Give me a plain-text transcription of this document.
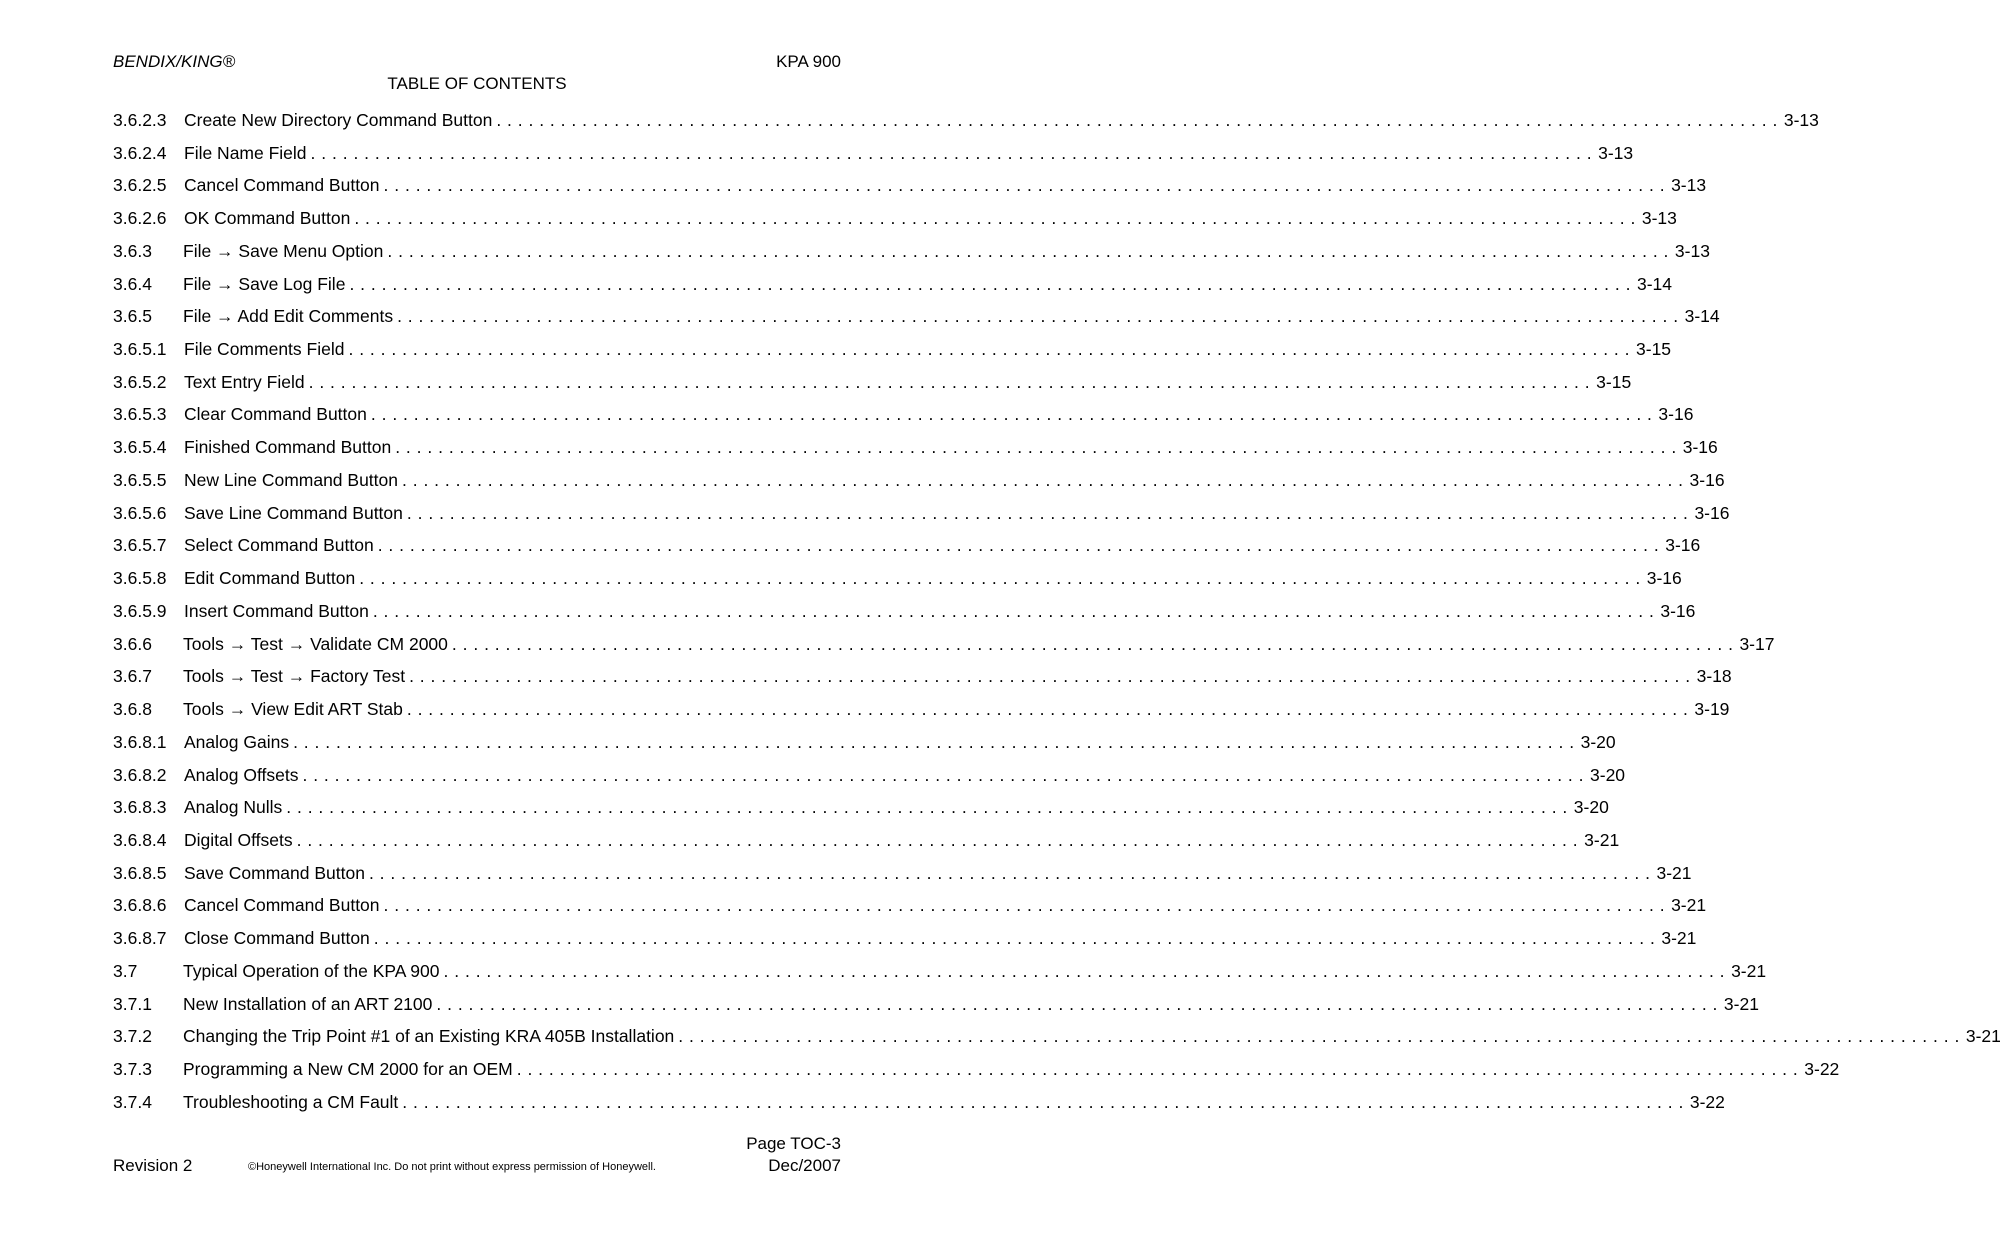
BENDIX/KING®	KPA 900
TABLE OF CONTENTS
3.6.2.3 Create New Directory Command Button . . . . . . . . . . . . . . . . . . . . . . . . . . . . . . . . . . . . . . . . . . . . . . . . . . . . . . . . . . . . . . . . . . . . . . . . . . . . . . . . . . . . . . . . . . . . . . . . . . . . . . . . . . . . . . . . . . . . . . . . 3-13
3.6.2.4 File Name Field . . . . . . . . . . . . . . . . . . . . . . . . . . . . . . . . . . . . . . . . . . . . . . . . . . . . . . . . . . . . . . . . . . . . . . . . . . . . . . . . . . . . . . . . . . . . . . . . . . . . . . . . . . . . . . . . . . . . . . . . 3-13
3.6.2.5 Cancel Command Button . . . . . . . . . . . . . . . . . . . . . . . . . . . . . . . . . . . . . . . . . . . . . . . . . . . . . . . . . . . . . . . . . . . . . . . . . . . . . . . . . . . . . . . . . . . . . . . . . . . . . . . . . . . . . . . . . . . . . . . . 3-13
3.6.2.6 OK Command Button . . . . . . . . . . . . . . . . . . . . . . . . . . . . . . . . . . . . . . . . . . . . . . . . . . . . . . . . . . . . . . . . . . . . . . . . . . . . . . . . . . . . . . . . . . . . . . . . . . . . . . . . . . . . . . . . . . . . . . . . 3-13
3.6.3	File → Save Menu Option . . . . . . . . . . . . . . . . . . . . . . . . . . . . . . . . . . . . . . . . . . . . . . . . . . . . . . . . . . . . . . . . . . . . . . . . . . . . . . . . . . . . . . . . . . . . . . . . . . . . . . . . . . . . . . . . . . . . . . . . 3-13
3.6.4	File → Save Log File . . . . . . . . . . . . . . . . . . . . . . . . . . . . . . . . . . . . . . . . . . . . . . . . . . . . . . . . . . . . . . . . . . . . . . . . . . . . . . . . . . . . . . . . . . . . . . . . . . . . . . . . . . . . . . . . . . . . . . . . 3-14
3.6.5	File → Add Edit Comments . . . . . . . . . . . . . . . . . . . . . . . . . . . . . . . . . . . . . . . . . . . . . . . . . . . . . . . . . . . . . . . . . . . . . . . . . . . . . . . . . . . . . . . . . . . . . . . . . . . . . . . . . . . . . . . . . . . . . . . . 3-14
3.6.5.1 File Comments Field . . . . . . . . . . . . . . . . . . . . . . . . . . . . . . . . . . . . . . . . . . . . . . . . . . . . . . . . . . . . . . . . . . . . . . . . . . . . . . . . . . . . . . . . . . . . . . . . . . . . . . . . . . . . . . . . . . . . . . . . 3-15
3.6.5.2 Text Entry Field . . . . . . . . . . . . . . . . . . . . . . . . . . . . . . . . . . . . . . . . . . . . . . . . . . . . . . . . . . . . . . . . . . . . . . . . . . . . . . . . . . . . . . . . . . . . . . . . . . . . . . . . . . . . . . . . . . . . . . . . 3-15
3.6.5.3 Clear Command Button . . . . . . . . . . . . . . . . . . . . . . . . . . . . . . . . . . . . . . . . . . . . . . . . . . . . . . . . . . . . . . . . . . . . . . . . . . . . . . . . . . . . . . . . . . . . . . . . . . . . . . . . . . . . . . . . . . . . . . . . 3-16
3.6.5.4 Finished Command Button . . . . . . . . . . . . . . . . . . . . . . . . . . . . . . . . . . . . . . . . . . . . . . . . . . . . . . . . . . . . . . . . . . . . . . . . . . . . . . . . . . . . . . . . . . . . . . . . . . . . . . . . . . . . . . . . . . . . . . . . 3-16
3.6.5.5 New Line Command Button . . . . . . . . . . . . . . . . . . . . . . . . . . . . . . . . . . . . . . . . . . . . . . . . . . . . . . . . . . . . . . . . . . . . . . . . . . . . . . . . . . . . . . . . . . . . . . . . . . . . . . . . . . . . . . . . . . . . . . . . 3-16
3.6.5.6 Save Line Command Button . . . . . . . . . . . . . . . . . . . . . . . . . . . . . . . . . . . . . . . . . . . . . . . . . . . . . . . . . . . . . . . . . . . . . . . . . . . . . . . . . . . . . . . . . . . . . . . . . . . . . . . . . . . . . . . . . . . . . . . . 3-16
3.6.5.7 Select Command Button . . . . . . . . . . . . . . . . . . . . . . . . . . . . . . . . . . . . . . . . . . . . . . . . . . . . . . . . . . . . . . . . . . . . . . . . . . . . . . . . . . . . . . . . . . . . . . . . . . . . . . . . . . . . . . . . . . . . . . . . 3-16
3.6.5.8 Edit Command Button . . . . . . . . . . . . . . . . . . . . . . . . . . . . . . . . . . . . . . . . . . . . . . . . . . . . . . . . . . . . . . . . . . . . . . . . . . . . . . . . . . . . . . . . . . . . . . . . . . . . . . . . . . . . . . . . . . . . . . . . 3-16
3.6.5.9 Insert Command Button . . . . . . . . . . . . . . . . . . . . . . . . . . . . . . . . . . . . . . . . . . . . . . . . . . . . . . . . . . . . . . . . . . . . . . . . . . . . . . . . . . . . . . . . . . . . . . . . . . . . . . . . . . . . . . . . . . . . . . . . 3-16
3.6.6	Tools → Test → Validate CM 2000 . . . . . . . . . . . . . . . . . . . . . . . . . . . . . . . . . . . . . . . . . . . . . . . . . . . . . . . . . . . . . . . . . . . . . . . . . . . . . . . . . . . . . . . . . . . . . . . . . . . . . . . . . . . . . . . . . . . . . . . . 3-17
3.6.7	Tools → Test → Factory Test . . . . . . . . . . . . . . . . . . . . . . . . . . . . . . . . . . . . . . . . . . . . . . . . . . . . . . . . . . . . . . . . . . . . . . . . . . . . . . . . . . . . . . . . . . . . . . . . . . . . . . . . . . . . . . . . . . . . . . . . 3-18
3.6.8	Tools → View Edit ART Stab . . . . . . . . . . . . . . . . . . . . . . . . . . . . . . . . . . . . . . . . . . . . . . . . . . . . . . . . . . . . . . . . . . . . . . . . . . . . . . . . . . . . . . . . . . . . . . . . . . . . . . . . . . . . . . . . . . . . . . . . 3-19
3.6.8.1 Analog Gains . . . . . . . . . . . . . . . . . . . . . . . . . . . . . . . . . . . . . . . . . . . . . . . . . . . . . . . . . . . . . . . . . . . . . . . . . . . . . . . . . . . . . . . . . . . . . . . . . . . . . . . . . . . . . . . . . . . . . . . . 3-20
3.6.8.2 Analog Offsets . . . . . . . . . . . . . . . . . . . . . . . . . . . . . . . . . . . . . . . . . . . . . . . . . . . . . . . . . . . . . . . . . . . . . . . . . . . . . . . . . . . . . . . . . . . . . . . . . . . . . . . . . . . . . . . . . . . . . . . . 3-20
3.6.8.3 Analog Nulls . . . . . . . . . . . . . . . . . . . . . . . . . . . . . . . . . . . . . . . . . . . . . . . . . . . . . . . . . . . . . . . . . . . . . . . . . . . . . . . . . . . . . . . . . . . . . . . . . . . . . . . . . . . . . . . . . . . . . . . . 3-20
3.6.8.4 Digital Offsets . . . . . . . . . . . . . . . . . . . . . . . . . . . . . . . . . . . . . . . . . . . . . . . . . . . . . . . . . . . . . . . . . . . . . . . . . . . . . . . . . . . . . . . . . . . . . . . . . . . . . . . . . . . . . . . . . . . . . . . . 3-21
3.6.8.5 Save Command Button . . . . . . . . . . . . . . . . . . . . . . . . . . . . . . . . . . . . . . . . . . . . . . . . . . . . . . . . . . . . . . . . . . . . . . . . . . . . . . . . . . . . . . . . . . . . . . . . . . . . . . . . . . . . . . . . . . . . . . . . 3-21
3.6.8.6 Cancel Command Button . . . . . . . . . . . . . . . . . . . . . . . . . . . . . . . . . . . . . . . . . . . . . . . . . . . . . . . . . . . . . . . . . . . . . . . . . . . . . . . . . . . . . . . . . . . . . . . . . . . . . . . . . . . . . . . . . . . . . . . . 3-21
3.6.8.7 Close Command Button . . . . . . . . . . . . . . . . . . . . . . . . . . . . . . . . . . . . . . . . . . . . . . . . . . . . . . . . . . . . . . . . . . . . . . . . . . . . . . . . . . . . . . . . . . . . . . . . . . . . . . . . . . . . . . . . . . . . . . . . 3-21
3.7	Typical Operation of the KPA 900 . . . . . . . . . . . . . . . . . . . . . . . . . . . . . . . . . . . . . . . . . . . . . . . . . . . . . . . . . . . . . . . . . . . . . . . . . . . . . . . . . . . . . . . . . . . . . . . . . . . . . . . . . . . . . . . . . . . . . . . . 3-21
3.7.1	New Installation of an ART 2100 . . . . . . . . . . . . . . . . . . . . . . . . . . . . . . . . . . . . . . . . . . . . . . . . . . . . . . . . . . . . . . . . . . . . . . . . . . . . . . . . . . . . . . . . . . . . . . . . . . . . . . . . . . . . . . . . . . . . . . . . 3-21
3.7.2	Changing the Trip Point #1 of an Existing KRA 405B Installation . . . . . . . . . . . . . . . . . . . . . . . . . . . . . . . . . . . . . . . . . . . . . . . . . . . . . . . . . . . . . . . . . . . . . . . . . . . . . . . . . . . . . . . . . . . . . . . . . . . . . . . . . . . . . . . . . . . . . . . . 3-21
3.7.3	Programming a New CM 2000 for an OEM . . . . . . . . . . . . . . . . . . . . . . . . . . . . . . . . . . . . . . . . . . . . . . . . . . . . . . . . . . . . . . . . . . . . . . . . . . . . . . . . . . . . . . . . . . . . . . . . . . . . . . . . . . . . . . . . . . . . . . . . 3-22
3.7.4	Troubleshooting a CM Fault . . . . . . . . . . . . . . . . . . . . . . . . . . . . . . . . . . . . . . . . . . . . . . . . . . . . . . . . . . . . . . . . . . . . . . . . . . . . . . . . . . . . . . . . . . . . . . . . . . . . . . . . . . . . . . . . . . . . . . . . 3-22
Revision 2	©Honeywell International Inc. Do not print without express permission of Honeywell.
Page TOC-3
Dec/2007
